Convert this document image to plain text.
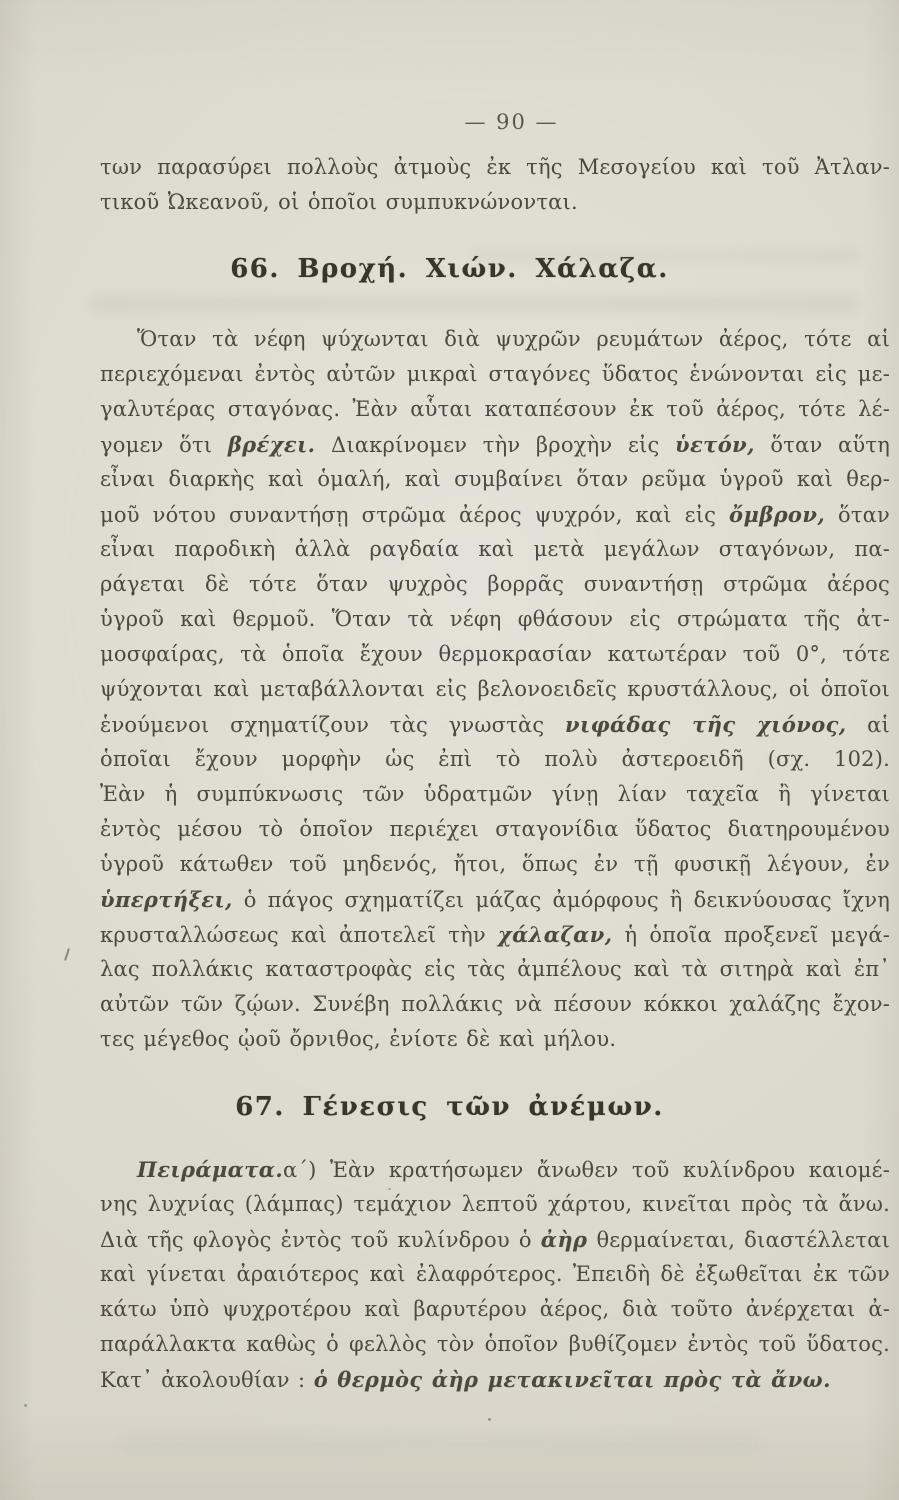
— 90 —
των παρασύρει πολλοὺς ἀτμοὺς ἐκ τῆς Μεσογείου καὶ τοῦ Ἀτλαν-
τικοῦ Ὠκεανοῦ, οἱ ὁποῖοι συμπυκνώνονται.
66. Βροχή. Χιών. Χάλαζα.
Ὅταν τὰ νέφη ψύχωνται διὰ ψυχρῶν ρευμάτων ἀέρος, τότε αἱ
περιεχόμεναι ἐντὸς αὐτῶν μικραὶ σταγόνες ὕδατος ἑνώνονται εἰς με-
γαλυτέρας σταγόνας. Ἐὰν αὗται καταπέσουν ἐκ τοῦ ἀέρος, τότε λέ-
γομεν ὅτι βρέχει. Διακρίνομεν τὴν βροχὴν εἰς ὑετόν, ὅταν αὕτη
εἶναι διαρκὴς καὶ ὁμαλή, καὶ συμβαίνει ὅταν ρεῦμα ὑγροῦ καὶ θερ-
μοῦ νότου συναντήσῃ στρῶμα ἀέρος ψυχρόν, καὶ εἰς ὄμβρον, ὅταν
εἶναι παροδικὴ ἀλλὰ ραγδαία καὶ μετὰ μεγάλων σταγόνων, πα-
ράγεται δὲ τότε ὅταν ψυχρὸς βορρᾶς συναντήσῃ στρῶμα ἀέρος
ὑγροῦ καὶ θερμοῦ. Ὅταν τὰ νέφη φθάσουν εἰς στρώματα τῆς ἀτ-
μοσφαίρας, τὰ ὁποῖα ἔχουν θερμοκρασίαν κατωτέραν τοῦ 0°, τότε
ψύχονται καὶ μεταβάλλονται εἰς βελονοειδεῖς κρυστάλλους, οἱ ὁποῖοι
ἑνούμενοι σχηματίζουν τὰς γνωστὰς νιφάδας τῆς χιόνος, αἱ
ὁποῖαι ἔχουν μορφὴν ὡς ἐπὶ τὸ πολὺ ἀστεροειδῆ (σχ. 102).
Ἐὰν ἡ συμπύκνωσις τῶν ὑδρατμῶν γίνῃ λίαν ταχεῖα ἢ γίνεται
ἐντὸς μέσου τὸ ὁποῖον περιέχει σταγονίδια ὕδατος διατηρουμένου
ὑγροῦ κάτωθεν τοῦ μηδενός, ἤτοι, ὅπως ἐν τῇ φυσικῇ λέγουν, ἐν
ὑπερτήξει, ὁ πάγος σχηματίζει μάζας ἀμόρφους ἢ δεικνύουσας ἴχνη
κρυσταλλώσεως καὶ ἀποτελεῖ τὴν χάλαζαν, ἡ ὁποῖα προξενεῖ μεγά-
λας πολλάκις καταστροφὰς εἰς τὰς ἀμπέλους καὶ τὰ σιτηρὰ καὶ ἐπ᾽
αὐτῶν τῶν ζῴων. Συνέβη πολλάκις νὰ πέσουν κόκκοι χαλάζης ἔχον-
τες μέγεθος ᾠοῦ ὄρνιθος, ἐνίοτε δὲ καὶ μήλου.
67. Γένεσις τῶν ἀνέμων.
Πειράματα.α΄) Ἐὰν κρατήσωμεν ἄνωθεν τοῦ κυλίνδρου καιομέ-
νης λυχνίας (λάμπας) τεμάχιον λεπτοῦ χάρτου, κινεῖται πρὸς τὰ ἄνω.
Διὰ τῆς φλογὸς ἐντὸς τοῦ κυλίνδρου ὁ ἀὴρ θερμαίνεται, διαστέλλεται
καὶ γίνεται ἀραιότερος καὶ ἐλαφρότερος. Ἐπειδὴ δὲ ἐξωθεῖται ἐκ τῶν
κάτω ὑπὸ ψυχροτέρου καὶ βαρυτέρου ἀέρος, διὰ τοῦτο ἀνέρχεται ἀ-
παράλλακτα καθὼς ὁ φελλὸς τὸν ὁποῖον βυθίζομεν ἐντὸς τοῦ ὕδατος.
Κατ᾽ ἀκολουθίαν : ὁ θερμὸς ἀὴρ μετακινεῖται πρὸς τὰ ἄνω.
